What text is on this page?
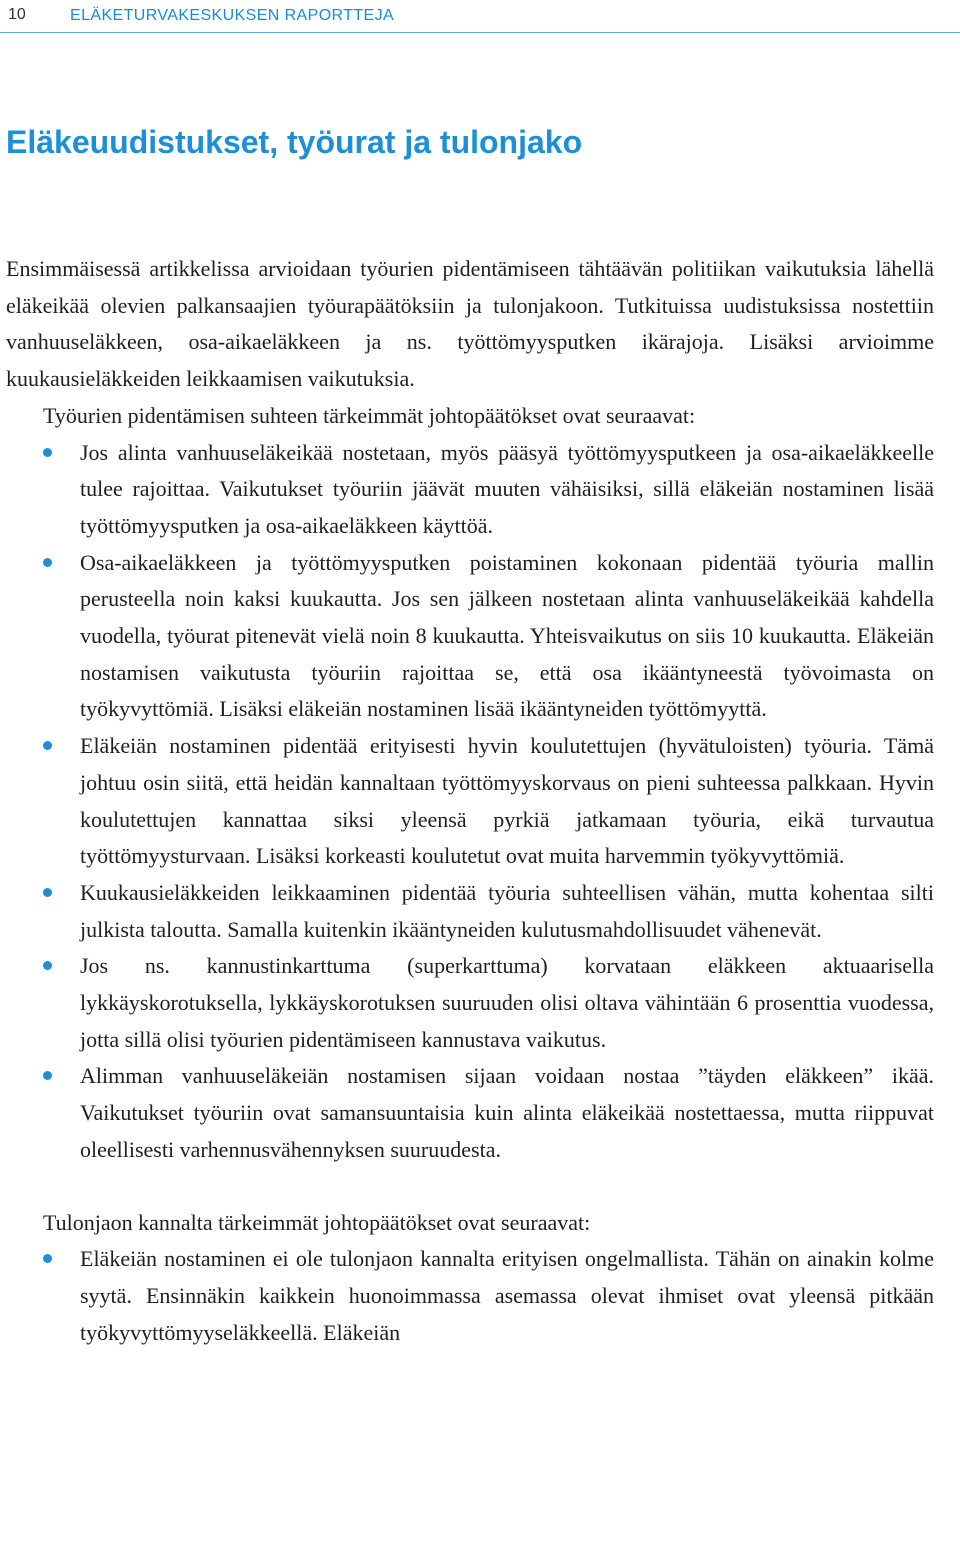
10	ELÄKETURVAKESKUKSEN RAPORTTEJA
Eläkeuudistukset, työurat ja tulonjako

Ensimmäisessä artikkelissa arvioidaan työurien pidentämiseen tähtäävän politiikan vaikutuksia lähellä eläkeikää olevien palkansaajien työurapäätöksiin ja tulonjakoon. Tutkituissa uudistuksissa nostettiin vanhuuseläkkeen, osa-aikaeläkkeen ja ns. työttömyysputken ikärajoja. Lisäksi arvioimme kuukausieläkkeiden leikkaamisen vaikutuksia.

Työurien pidentämisen suhteen tärkeimmät johtopäätökset ovat seuraavat:

Jos alinta vanhuuseläkeikää nostetaan, myös pääsyä työttömyysputkeen ja osa-aikaeläkkeelle tulee rajoittaa. Vaikutukset työuriin jäävät muuten vähäisiksi, sillä eläkeiän nostaminen lisää työttömyysputken ja osa-aikaeläkkeen käyttöä.
Osa-aikaeläkkeen ja työttömyysputken poistaminen kokonaan pidentää työuria mallin perusteella noin kaksi kuukautta. Jos sen jälkeen nostetaan alinta vanhuuseläkeikää kahdella vuodella, työurat pitenevät vielä noin 8 kuukautta. Yhteisvaikutus on siis 10 kuukautta. Eläkeiän nostamisen vaikutusta työuriin rajoittaa se, että osa ikääntyneestä työvoimasta on työkyvyttömiä. Lisäksi eläkeiän nostaminen lisää ikääntyneiden työttömyyttä.
Eläkeiän nostaminen pidentää erityisesti hyvin koulutettujen (hyvätuloisten) työuria. Tämä johtuu osin siitä, että heidän kannaltaan työttömyyskorvaus on pieni suhteessa palkkaan. Hyvin koulutettujen kannattaa siksi yleensä pyrkiä jatkamaan työuria, eikä turvautua työttömyysturvaan. Lisäksi korkeasti koulutetut ovat muita harvemmin työkyvyttömiä.
Kuukausieläkkeiden leikkaaminen pidentää työuria suhteellisen vähän, mutta kohentaa silti julkista taloutta. Samalla kuitenkin ikääntyneiden kulutusmahdollisuudet vähenevät.
Jos ns. kannustinkarttuma (superkarttuma) korvataan eläkkeen aktuaarisella lykkäyskorotuksella, lykkäyskorotuksen suuruuden olisi oltava vähintään 6 prosenttia vuodessa, jotta sillä olisi työurien pidentämiseen kannustava vaikutus.
Alimman vanhuuseläkeiän nostamisen sijaan voidaan nostaa ”täyden eläkkeen” ikää. Vaikutukset työuriin ovat samansuuntaisia kuin alinta eläkeikää nostettaessa, mutta riippuvat oleellisesti varhennusvähennyksen suuruudesta.

Tulonjaon kannalta tärkeimmät johtopäätökset ovat seuraavat:

Eläkeiän nostaminen ei ole tulonjaon kannalta erityisen ongelmallista. Tähän on ainakin kolme syytä. Ensinnäkin kaikkein huonoimmassa asemassa olevat ihmiset ovat yleensä pitkään työkyvyttömyyseläkkeellä. Eläkeiän
